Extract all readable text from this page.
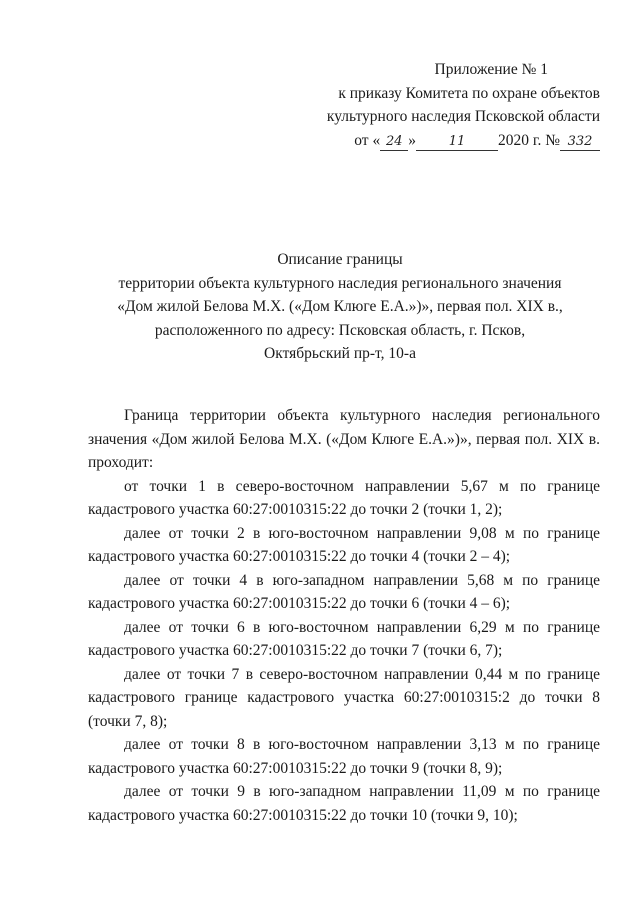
Приложение № 1
к приказу Комитета по охране объектов
культурного наследия Псковской области
от « 24 »	11 2020 г. № 332
Описание границы
территории объекта культурного наследия регионального значения
«Дом жилой Белова М.Х. («Дом Клюге Е.А.»)», первая пол. XIX в.,
расположенного по адресу: Псковская область, г. Псков,
Октябрьский пр-т, 10-а

Граница территории объекта культурного наследия регионального значения «Дом жилой Белова М.Х. («Дом Клюге Е.А.»)», первая пол. XIX в. проходит:

от точки 1 в северо-восточном направлении 5,67 м по границе кадастрового участка 60:27:0010315:22 до точки 2 (точки 1, 2);

далее от точки 2 в юго-восточном направлении 9,08 м по границе кадастрового участка 60:27:0010315:22 до точки 4 (точки 2 – 4);

далее от точки 4 в юго-западном направлении 5,68 м по границе кадастрового участка 60:27:0010315:22 до точки 6 (точки 4 – 6);

далее от точки 6 в юго-восточном направлении 6,29 м по границе кадастрового участка 60:27:0010315:22 до точки 7 (точки 6, 7);

далее от точки 7 в северо-восточном направлении 0,44 м по границе кадастрового границе кадастрового участка 60:27:0010315:2 до точки 8 (точки 7, 8);

далее от точки 8 в юго-восточном направлении 3,13 м по границе кадастрового участка 60:27:0010315:22 до точки 9 (точки 8, 9);

далее от точки 9 в юго-западном направлении 11,09 м по границе кадастрового участка 60:27:0010315:22 до точки 10 (точки 9, 10);
